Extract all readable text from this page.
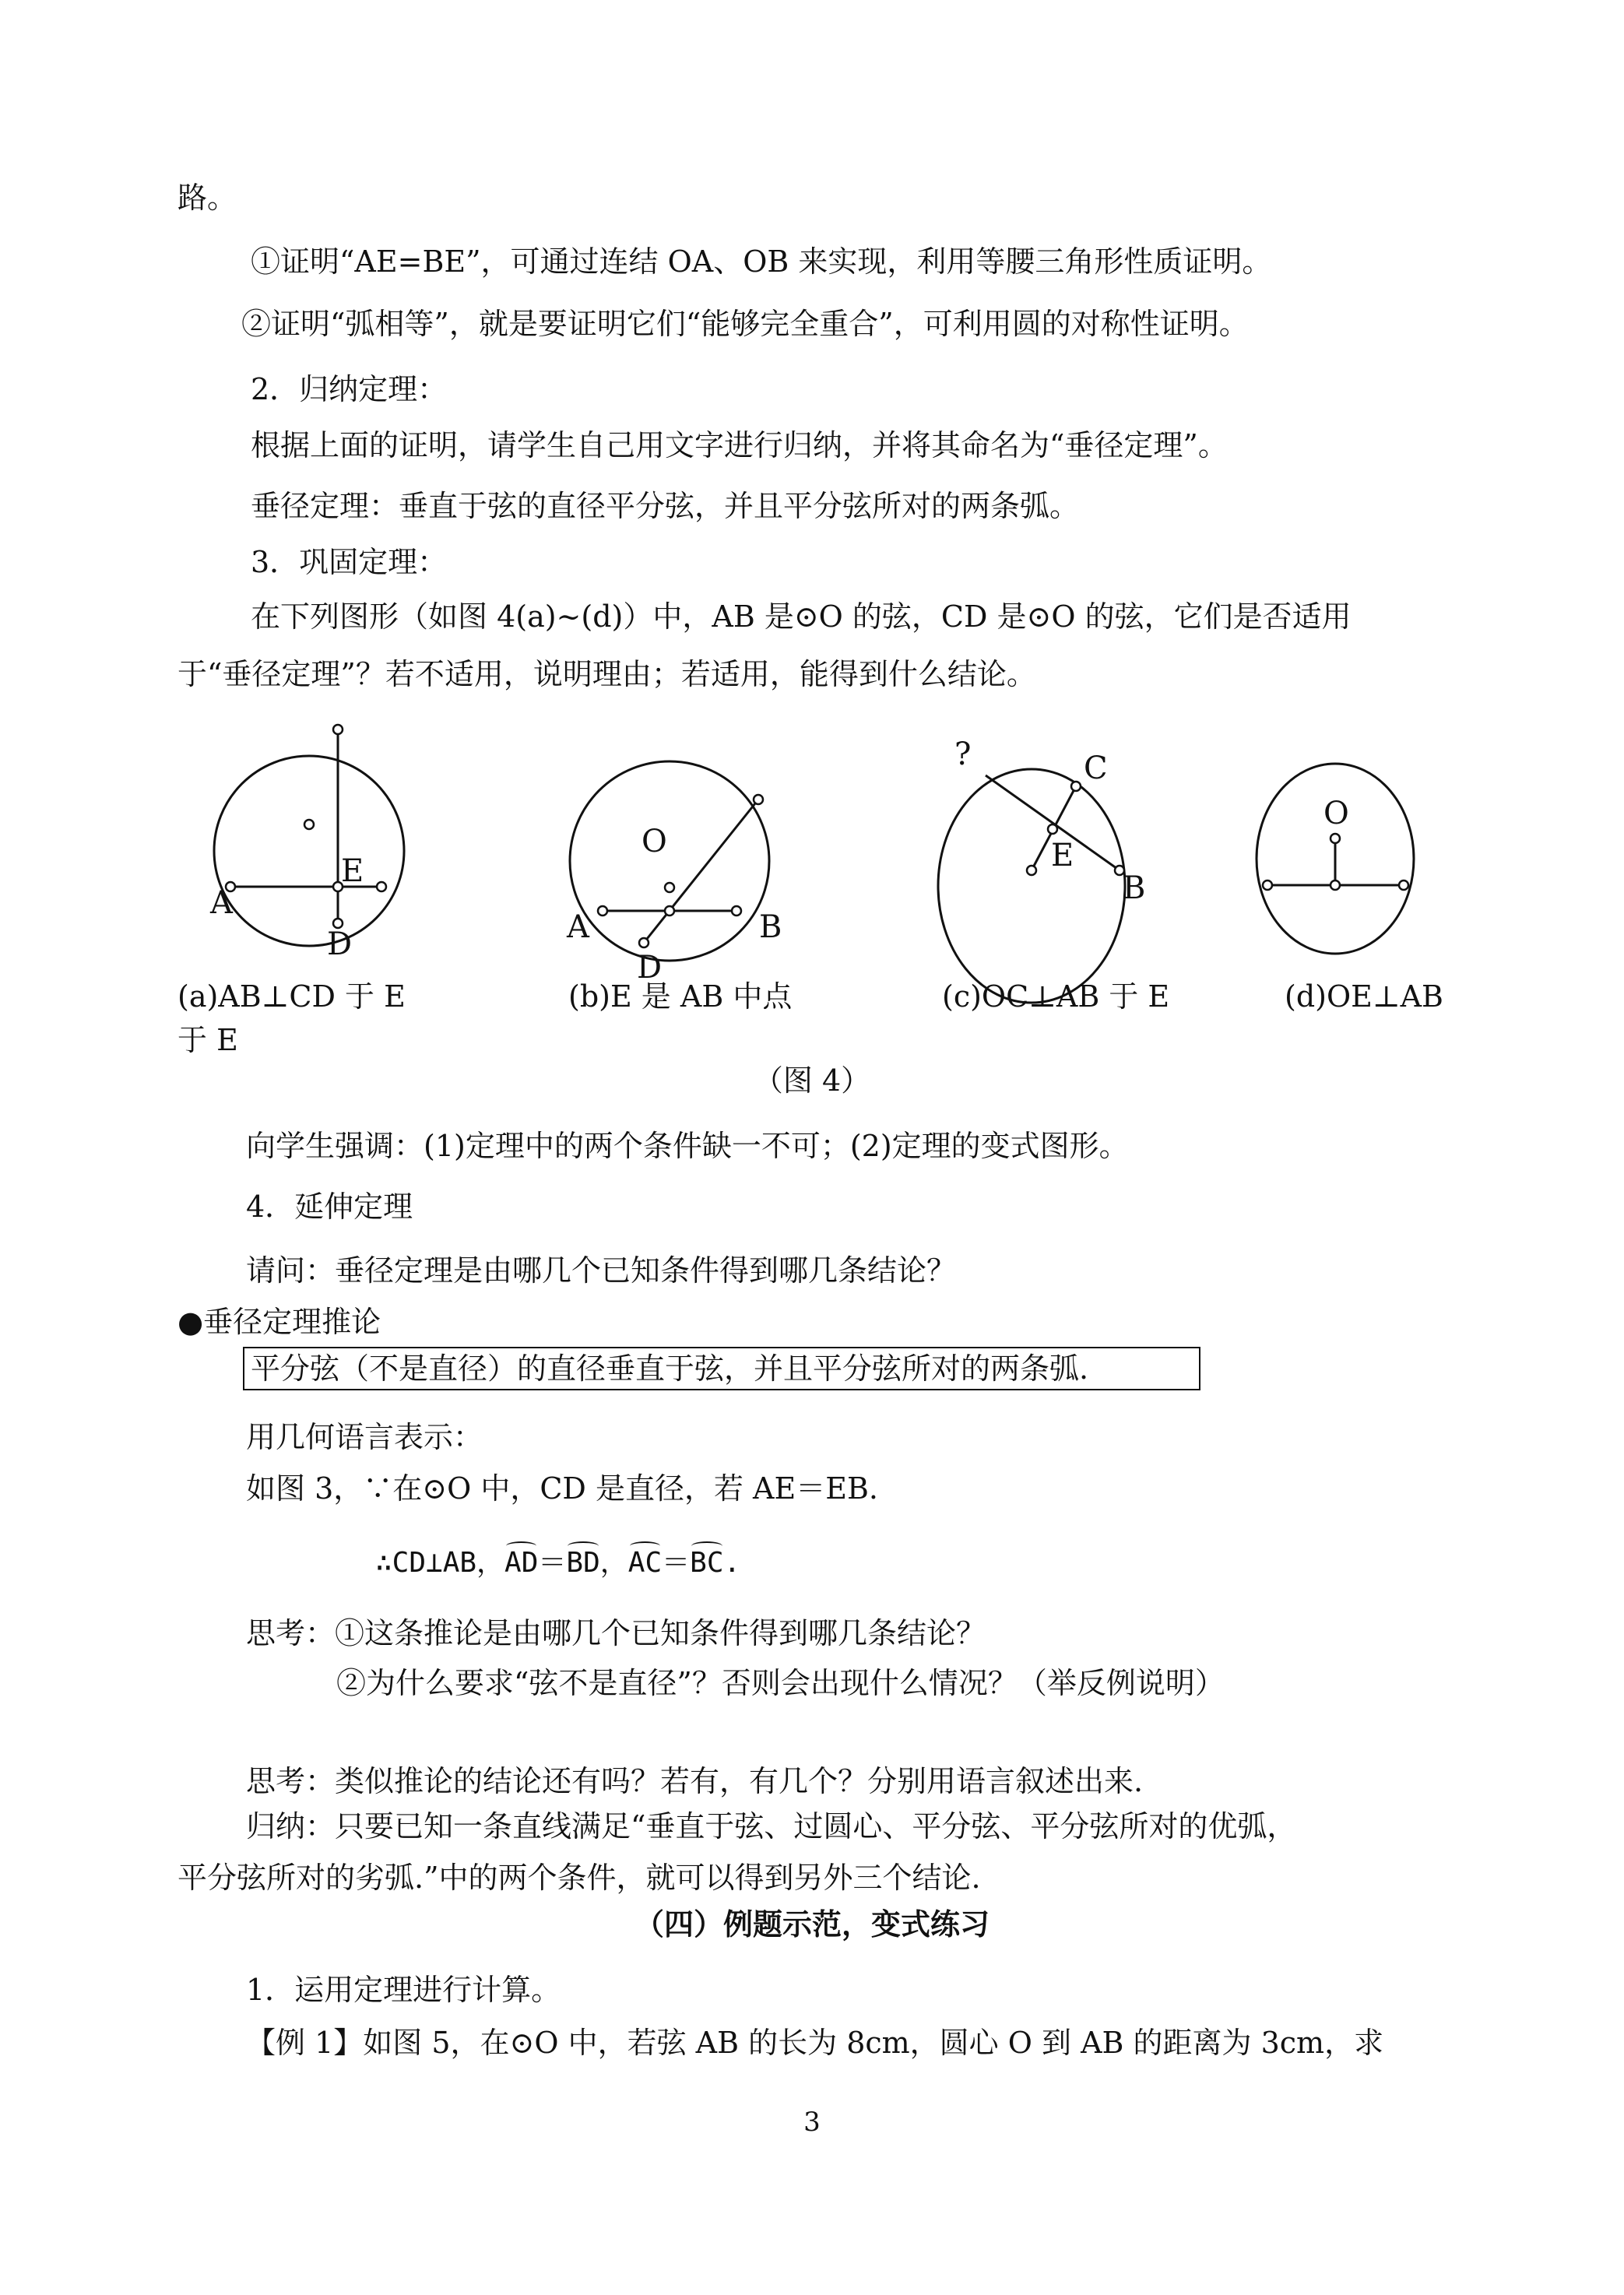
路。
①证明“AE=BE”，可通过连结 OA、OB 来实现，利用等腰三角形性质证明。
②证明“弧相等”，就是要证明它们“能够完全重合”，可利用圆的对称性证明。
2．归纳定理：
根据上面的证明，请学生自己用文字进行归纳，并将其命名为“垂径定理”。
垂径定理：垂直于弦的直径平分弦，并且平分弦所对的两条弧。
3．巩固定理：
在下列图形（如图 4(a)~(d)）中，AB 是⊙O 的弦，CD 是⊙O 的弦，它们是否适用
于“垂径定理”？若不适用，说明理由；若适用，能得到什么结论。
E
A
D
O
A	B
D
?	C
E
B
O
(a)AB⊥CD 于 E
于 E
(b)E 是 AB 中点	(c)OC⊥AB 于 E	(d)OE⊥AB
（图 4）
向学生强调：(1)定理中的两个条件缺一不可；(2)定理的变式图形。
4．延伸定理
请问：垂径定理是由哪几个已知条件得到哪几条结论？
●垂径定理推论
平分弦（不是直径）的直径垂直于弦，并且平分弦所对的两条弧.
用几何语言表示：
如图 3，∵在⊙O 中，CD 是直径，若 AE＝EB.
∴CD⊥AB，AD＝BD，AC＝BC.
思考：①这条推论是由哪几个已知条件得到哪几条结论？
②为什么要求“弦不是直径”？否则会出现什么情况？（举反例说明）
思考：类似推论的结论还有吗？若有，有几个？分别用语言叙述出来.
归纳：只要已知一条直线满足“垂直于弦、过圆心、平分弦、平分弦所对的优弧，
平分弦所对的劣弧.”中的两个条件，就可以得到另外三个结论.
（四）例题示范，变式练习
1．运用定理进行计算。
【例 1】如图 5，在⊙O 中，若弦 AB 的长为 8cm，圆心 O 到 AB 的距离为 3cm，求
3
